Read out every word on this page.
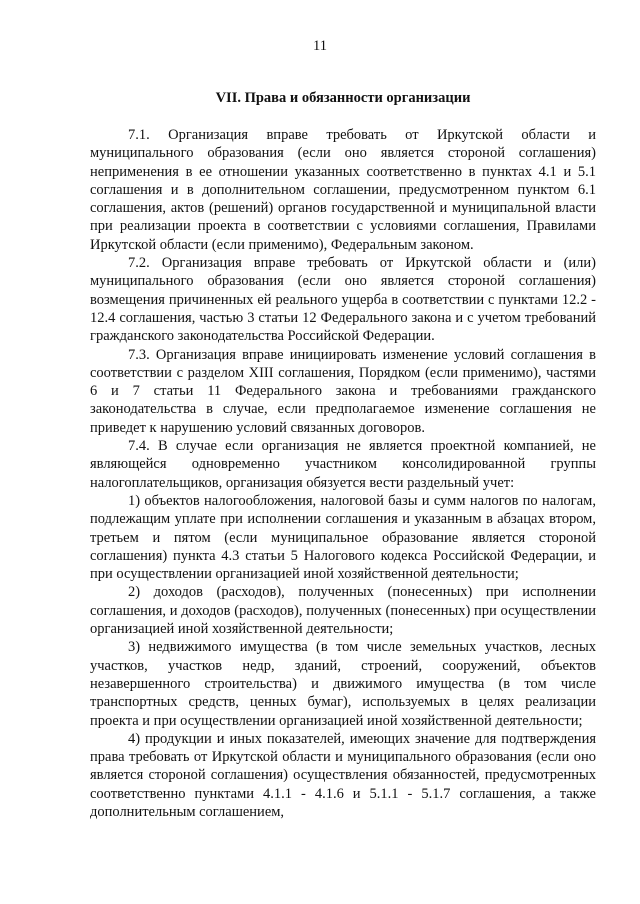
11
VII. Права и обязанности организации

7.1. Организация вправе требовать от Иркутской области и муниципального образования (если оно является стороной соглашения) неприменения в ее отношении указанных соответственно в пунктах 4.1 и 5.1 соглашения и в дополнительном соглашении, предусмотренном пунктом 6.1 соглашения, актов (решений) органов государственной и муниципальной власти при реализации проекта в соответствии с условиями соглашения, Правилами Иркутской области (если применимо), Федеральным законом.

7.2. Организация вправе требовать от Иркутской области и (или) муниципального образования (если оно является стороной соглашения) возмещения причиненных ей реального ущерба в соответствии с пунктами 12.2 - 12.4 соглашения, частью 3 статьи 12 Федерального закона и с учетом требований гражданского законодательства Российской Федерации.

7.3. Организация вправе инициировать изменение условий соглашения в соответствии с разделом XIII соглашения, Порядком (если применимо), частями 6 и 7 статьи 11 Федерального закона и требованиями гражданского законодательства в случае, если предполагаемое изменение соглашения не приведет к нарушению условий связанных договоров.

7.4. В случае если организация не является проектной компанией, не являющейся одновременно участником консолидированной группы налогоплательщиков, организация обязуется вести раздельный учет:

1) объектов налогообложения, налоговой базы и сумм налогов по налогам, подлежащим уплате при исполнении соглашения и указанным в абзацах втором, третьем и пятом (если муниципальное образование является стороной соглашения) пункта 4.3 статьи 5 Налогового кодекса Российской Федерации, и при осуществлении организацией иной хозяйственной деятельности;

2) доходов (расходов), полученных (понесенных) при исполнении соглашения, и доходов (расходов), полученных (понесенных) при осуществлении организацией иной хозяйственной деятельности;

3) недвижимого имущества (в том числе земельных участков, лесных участков, участков недр, зданий, строений, сооружений, объектов незавершенного строительства) и движимого имущества (в том числе транспортных средств, ценных бумаг), используемых в целях реализации проекта и при осуществлении организацией иной хозяйственной деятельности;

4) продукции и иных показателей, имеющих значение для подтверждения права требовать от Иркутской области и муниципального образования (если оно является стороной соглашения) осуществления обязанностей, предусмотренных соответственно пунктами 4.1.1 - 4.1.6 и 5.1.1 - 5.1.7 соглашения, а также дополнительным соглашением,
